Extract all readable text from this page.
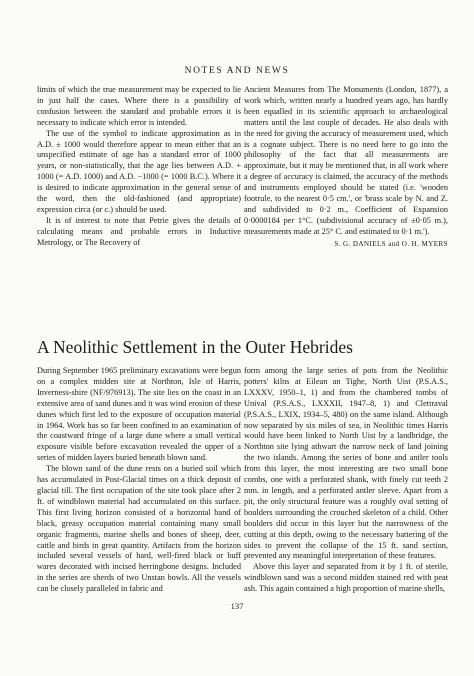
NOTES AND NEWS

limits of which the true measurement may be expected to lie in just half the cases. Where there is a possibility of confusion between the standard and probable errors it is necessary to indicate which error is intended.

The use of the symbol to indicate approximation as in A.D. ± 1000 would therefore appear to mean either that an unspecified estimate of age has a standard error of 1000 years, or non-statistically, that the age lies between A.D. + 1000 (= A.D. 1000) and A.D. −1000 (= 1000 B.C.). Where it is desired to indicate approximation in the general sense of the word, then the old-fashioned (and appropriate) expression circa (or c.) should be used.

It is of interest to note that Petrie gives the details of calculating means and probable errors in Inductive Metrology, or The Recovery of

Ancient Measures from The Monuments (London, 1877), a work which, written nearly a hundred years ago, has hardly been equalled in its scientific approach to archaeological matters until the last couple of decades. He also deals with the need for giving the accuracy of measurement used, which is a cognate subject. There is no need here to go into the philosophy of the fact that all measurements are approximate, but it may be mentioned that, in all work where a degree of accuracy is claimed, the accuracy of the methods and instruments employed should be stated (i.e. 'wooden footrule, to the nearest 0·5 cm.', or 'brass scale by N. and Z. and subdivided to 0·2 m., Coefficient of Expansion 0·0000184 per 1°C. (subdivisional accuracy of ±0·05 m.), measurements made at 25° C. and estimated to 0·1 m.').

S. G. DANIELS and O. H. MYERS
A Neolithic Settlement in the Outer Hebrides

During September 1965 preliminary excavations were begun on a complex midden site at Northton, Isle of Harris, Inverness-shire (NF/976913). The site lies on the coast in an extensive area of sand dunes and it was wind erosion of these dunes which first led to the exposure of occupation material in 1964. Work has so far been confined to an examination of the coastward fringe of a large dune where a small vertical exposure visible before excavation revealed the upper of a series of midden layers buried beneath blown sand.

The blown sand of the dune rests on a buried soil which has accumulated in Post-Glacial times on a thick deposit of glacial till. The first occupation of the site took place after 2 ft. of windblown material had accumulated on this surface. This first living horizon consisted of a horizontal band of black, greasy occupation material containing many small organic fragments, marine shells and bones of sheep, deer, cattle and birds in great quantity. Artifacts from the horizon included several vessels of hard, well-fired black or buff wares decorated with incised herringbone designs. Included in the series are sherds of two Unstan bowls. All the vessels can be closely paralleled in fabric and

form among the large series of pots from the Neolithic potters' kilns at Eilean an Tighe, North Uist (P.S.A.S., LXXXV, 1950–1, 1) and from the chambered tombs of Unival (P.S.A.S., LXXXII, 1947–8, 1) and Clettraval (P.S.A.S., LXIX, 1934–5, 480) on the same island. Although now separated by six miles of sea, in Neolithic times Harris would have been linked to North Uist by a landbridge, the Northton site lying athwart the narrow neck of land joining the two islands. Among the series of bone and antler tools from this layer, the most interesting are two small bone combs, one with a perforated shank, with finely cut teeth 2 mm. in length, and a perforated antler sleeve. Apart from a pit, the only structural feature was a roughly oval setting of boulders surrounding the crouched skeleton of a child. Other boulders did occur in this layer but the narrowness of the cutting at this depth, owing to the necessary battering of the sides to prevent the collapse of the 15 ft. sand section, prevented any meaningful interpretation of these features.

Above this layer and separated from it by 1 ft. of sterile, windblown sand was a second midden stained red with peat ash. This again contained a high proportion of marine shells,

137
